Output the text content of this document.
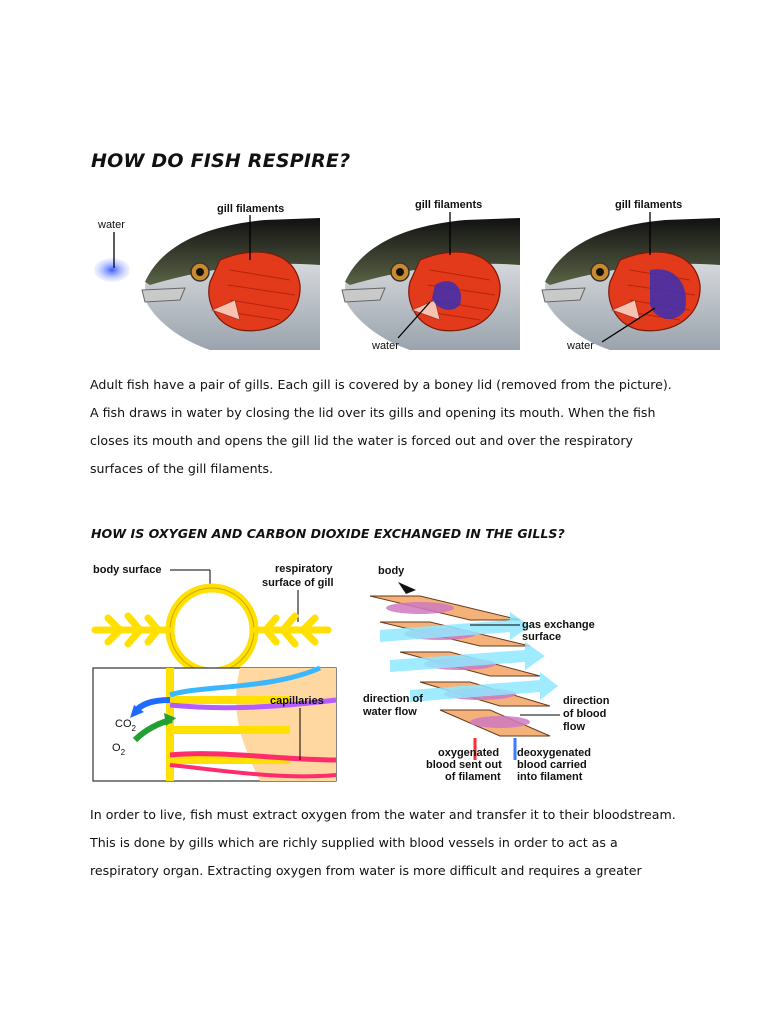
HOW DO FISH RESPIRE?
water
gill filaments	gill filaments	gill filaments
water	water
Adult fish have a pair of gills. Each gill is covered by a boney lid (removed from the picture).
A fish draws in water by closing the lid over its gills and opening its mouth. When the fish
closes its mouth and opens the gill lid the water is forced out and over the respiratory
surfaces of the gill filaments.
HOW IS OXYGEN AND CARBON DIOXIDE EXCHANGED IN THE GILLS?
body surface	respiratory
surface of gill
$CO_2$
$O_2$
capillaries
body
gas exchange
surface
direction of
water flow
direction
of blood
flow
oxygenated
blood sent out
of filament
deoxygenated
blood carried
into filament
In order to live, fish must extract oxygen from the water and transfer it to their bloodstream.
This is done by gills which are richly supplied with blood vessels in order to act as a
respiratory organ. Extracting oxygen from water is more difficult and requires a greater
